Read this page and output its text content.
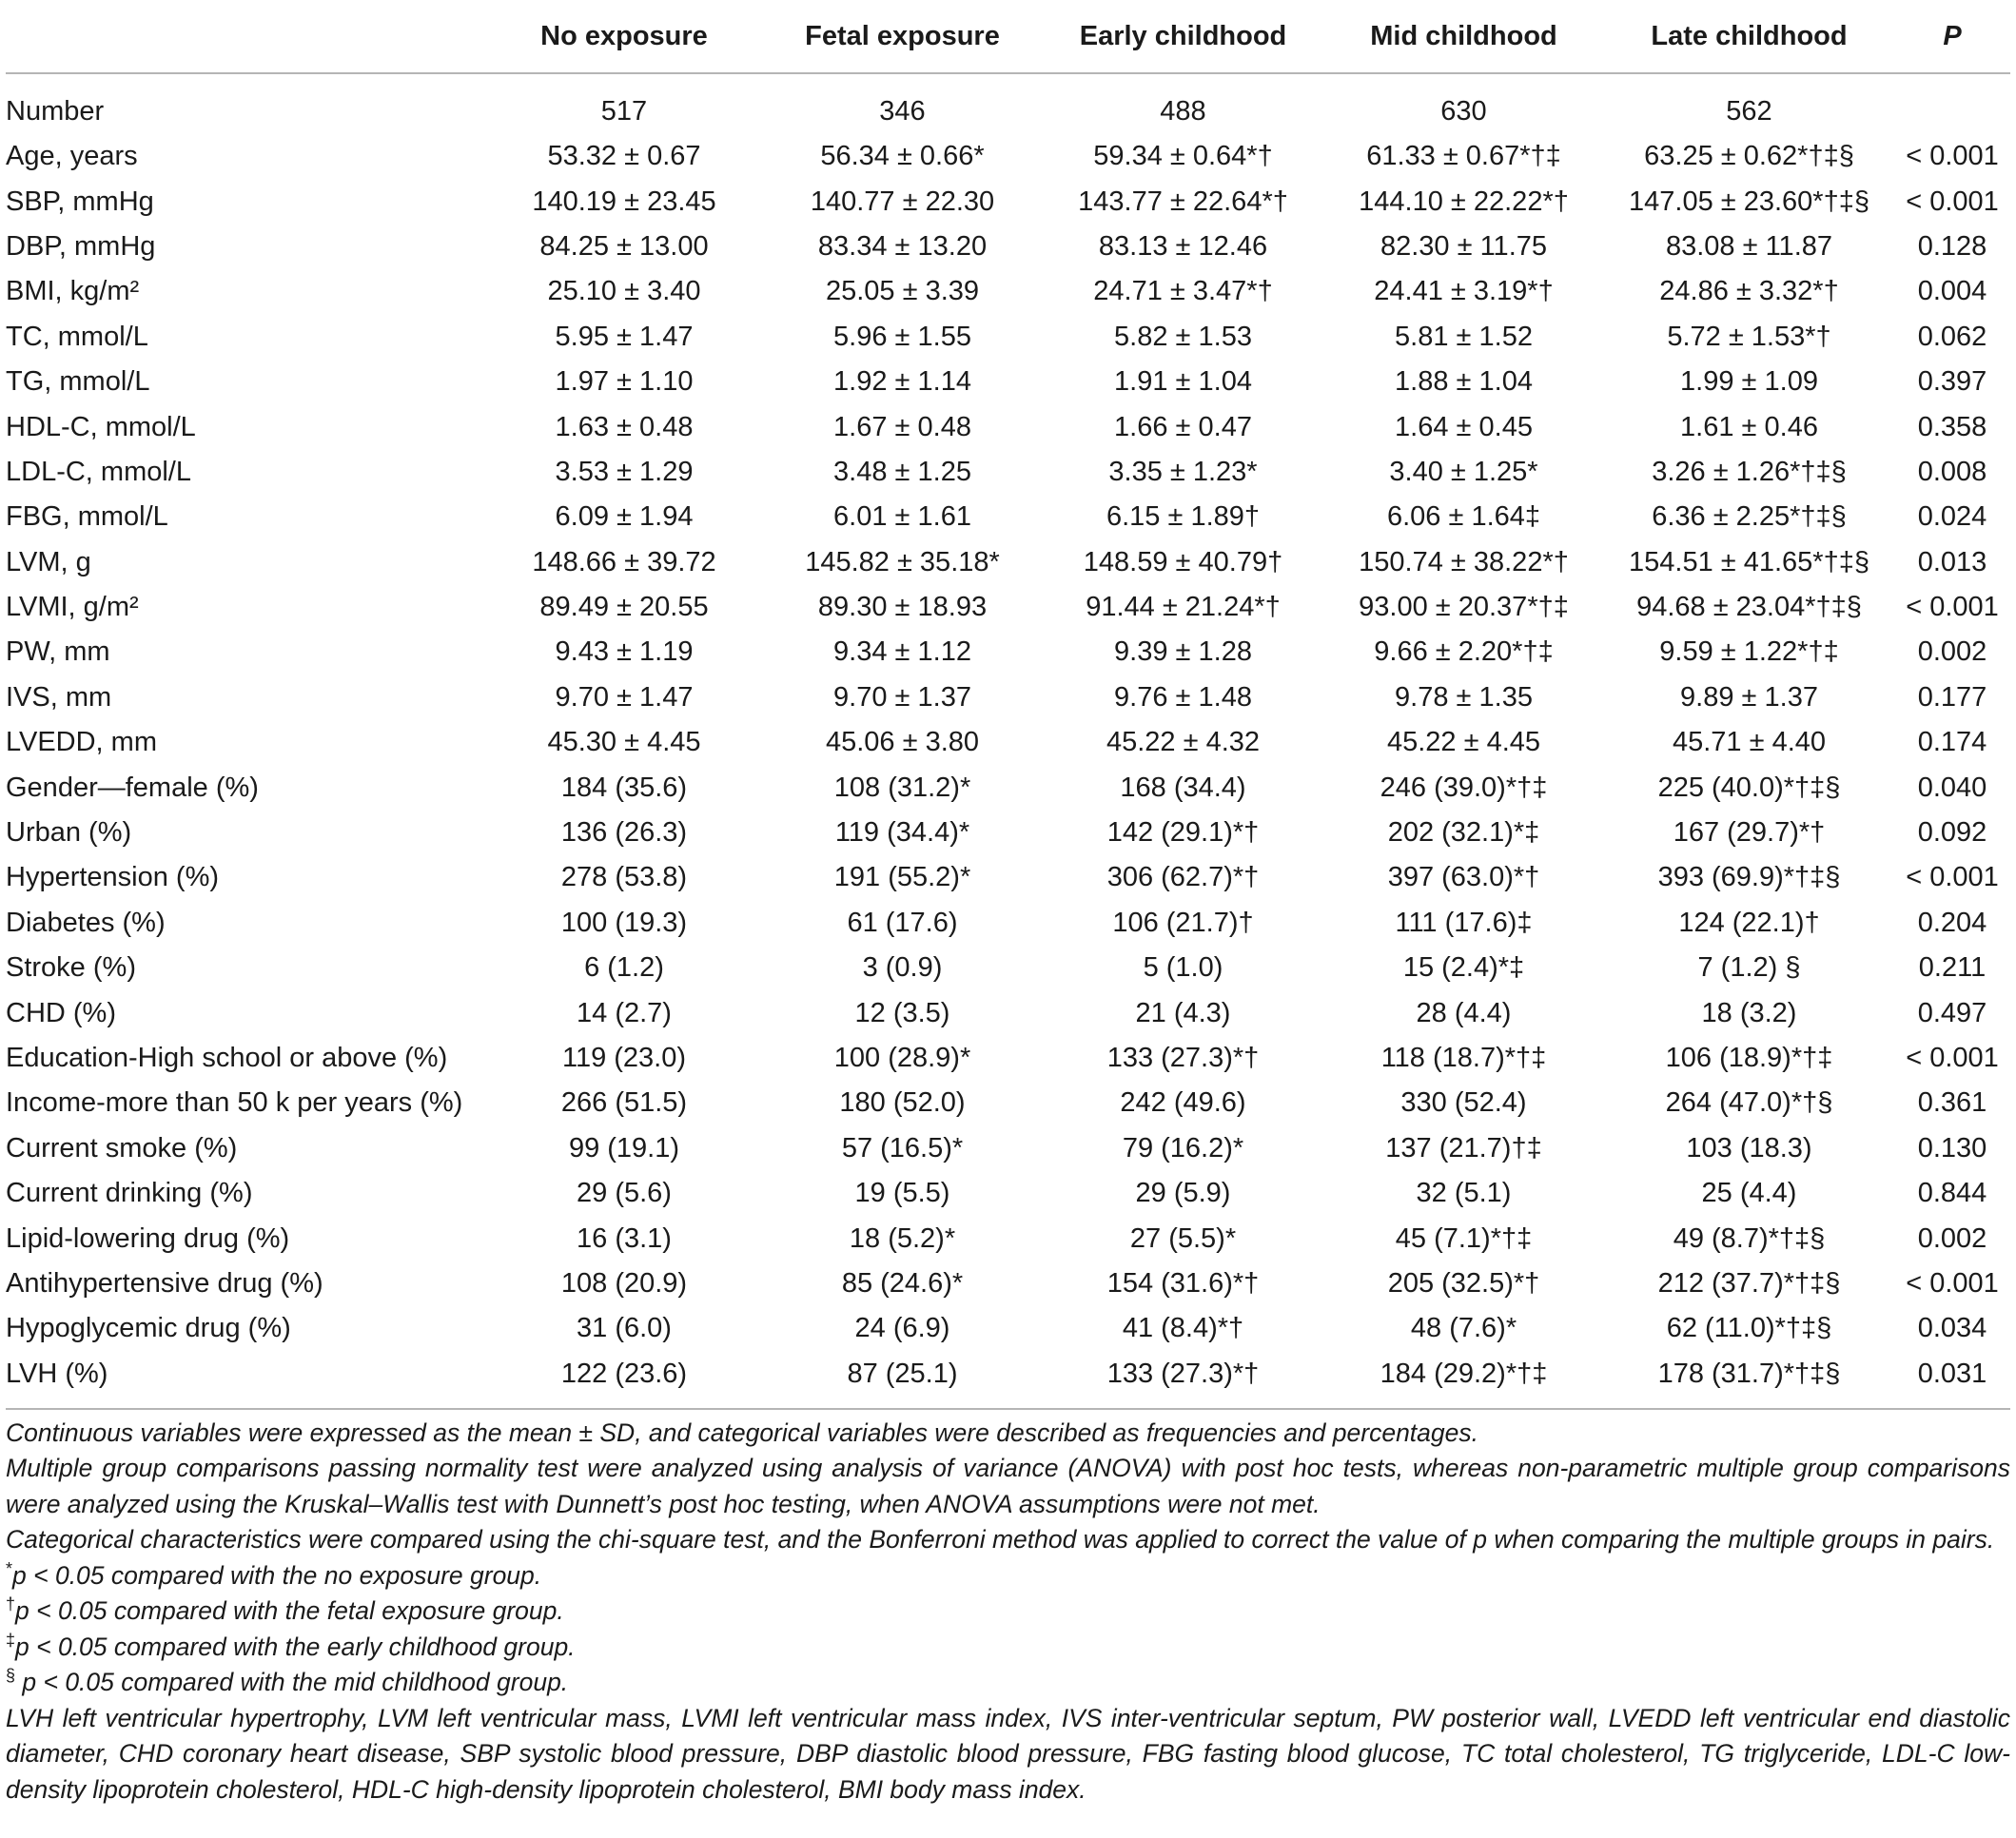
	No exposure	Fetal exposure	Early childhood	Mid childhood	Late childhood	P
Number	517	346	488	630	562	
Age, years	53.32 ± 0.67	56.34 ± 0.66*	59.34 ± 0.64*†	61.33 ± 0.67*†‡	63.25 ± 0.62*†‡§	< 0.001
SBP, mmHg	140.19 ± 23.45	140.77 ± 22.30	143.77 ± 22.64*†	144.10 ± 22.22*†	147.05 ± 23.60*†‡§	< 0.001
DBP, mmHg	84.25 ± 13.00	83.34 ± 13.20	83.13 ± 12.46	82.30 ± 11.75	83.08 ± 11.87	0.128
BMI, kg/m²	25.10 ± 3.40	25.05 ± 3.39	24.71 ± 3.47*†	24.41 ± 3.19*†	24.86 ± 3.32*†	0.004
TC, mmol/L	5.95 ± 1.47	5.96 ± 1.55	5.82 ± 1.53	5.81 ± 1.52	5.72 ± 1.53*†	0.062
TG, mmol/L	1.97 ± 1.10	1.92 ± 1.14	1.91 ± 1.04	1.88 ± 1.04	1.99 ± 1.09	0.397
HDL-C, mmol/L	1.63 ± 0.48	1.67 ± 0.48	1.66 ± 0.47	1.64 ± 0.45	1.61 ± 0.46	0.358
LDL-C, mmol/L	3.53 ± 1.29	3.48 ± 1.25	3.35 ± 1.23*	3.40 ± 1.25*	3.26 ± 1.26*†‡§	0.008
FBG, mmol/L	6.09 ± 1.94	6.01 ± 1.61	6.15 ± 1.89†	6.06 ± 1.64‡	6.36 ± 2.25*†‡§	0.024
LVM, g	148.66 ± 39.72	145.82 ± 35.18*	148.59 ± 40.79†	150.74 ± 38.22*†	154.51 ± 41.65*†‡§	0.013
LVMI, g/m²	89.49 ± 20.55	89.30 ± 18.93	91.44 ± 21.24*†	93.00 ± 20.37*†‡	94.68 ± 23.04*†‡§	< 0.001
PW, mm	9.43 ± 1.19	9.34 ± 1.12	9.39 ± 1.28	9.66 ± 2.20*†‡	9.59 ± 1.22*†‡	0.002
IVS, mm	9.70 ± 1.47	9.70 ± 1.37	9.76 ± 1.48	9.78 ± 1.35	9.89 ± 1.37	0.177
LVEDD, mm	45.30 ± 4.45	45.06 ± 3.80	45.22 ± 4.32	45.22 ± 4.45	45.71 ± 4.40	0.174
Gender—female (%)	184 (35.6)	108 (31.2)*	168 (34.4)	246 (39.0)*†‡	225 (40.0)*†‡§	0.040
Urban (%)	136 (26.3)	119 (34.4)*	142 (29.1)*†	202 (32.1)*‡	167 (29.7)*†	0.092
Hypertension (%)	278 (53.8)	191 (55.2)*	306 (62.7)*†	397 (63.0)*†	393 (69.9)*†‡§	< 0.001
Diabetes (%)	100 (19.3)	61 (17.6)	106 (21.7)†	111 (17.6)‡	124 (22.1)†	0.204
Stroke (%)	6 (1.2)	3 (0.9)	5 (1.0)	15 (2.4)*‡	7 (1.2) §	0.211
CHD (%)	14 (2.7)	12 (3.5)	21 (4.3)	28 (4.4)	18 (3.2)	0.497
Education-High school or above (%)	119 (23.0)	100 (28.9)*	133 (27.3)*†	118 (18.7)*†‡	106 (18.9)*†‡	< 0.001
Income-more than 50 k per years (%)	266 (51.5)	180 (52.0)	242 (49.6)	330 (52.4)	264 (47.0)*†§	0.361
Current smoke (%)	99 (19.1)	57 (16.5)*	79 (16.2)*	137 (21.7)†‡	103 (18.3)	0.130
Current drinking (%)	29 (5.6)	19 (5.5)	29 (5.9)	32 (5.1)	25 (4.4)	0.844
Lipid-lowering drug (%)	16 (3.1)	18 (5.2)*	27 (5.5)*	45 (7.1)*†‡	49 (8.7)*†‡§	0.002
Antihypertensive drug (%)	108 (20.9)	85 (24.6)*	154 (31.6)*†	205 (32.5)*†	212 (37.7)*†‡§	< 0.001
Hypoglycemic drug (%)	31 (6.0)	24 (6.9)	41 (8.4)*†	48 (7.6)*	62 (11.0)*†‡§	0.034
LVH (%)	122 (23.6)	87 (25.1)	133 (27.3)*†	184 (29.2)*†‡	178 (31.7)*†‡§	0.031

Continuous variables were expressed as the mean ± SD, and categorical variables were described as frequencies and percentages.

Multiple group comparisons passing normality test were analyzed using analysis of variance (ANOVA) with post hoc tests, whereas non-parametric multiple group comparisons were analyzed using the Kruskal–Wallis test with Dunnett’s post hoc testing, when ANOVA assumptions were not met.

Categorical characteristics were compared using the chi-square test, and the Bonferroni method was applied to correct the value of p when comparing the multiple groups in pairs.

*p < 0.05 compared with the no exposure group.

†p < 0.05 compared with the fetal exposure group.

‡p < 0.05 compared with the early childhood group.

§ p < 0.05 compared with the mid childhood group.

LVH left ventricular hypertrophy, LVM left ventricular mass, LVMI left ventricular mass index, IVS inter-ventricular septum, PW posterior wall, LVEDD left ventricular end diastolic diameter, CHD coronary heart disease, SBP systolic blood pressure, DBP diastolic blood pressure, FBG fasting blood glucose, TC total cholesterol, TG triglyceride, LDL-C low-density lipoprotein cholesterol, HDL-C high-density lipoprotein cholesterol, BMI body mass index.
